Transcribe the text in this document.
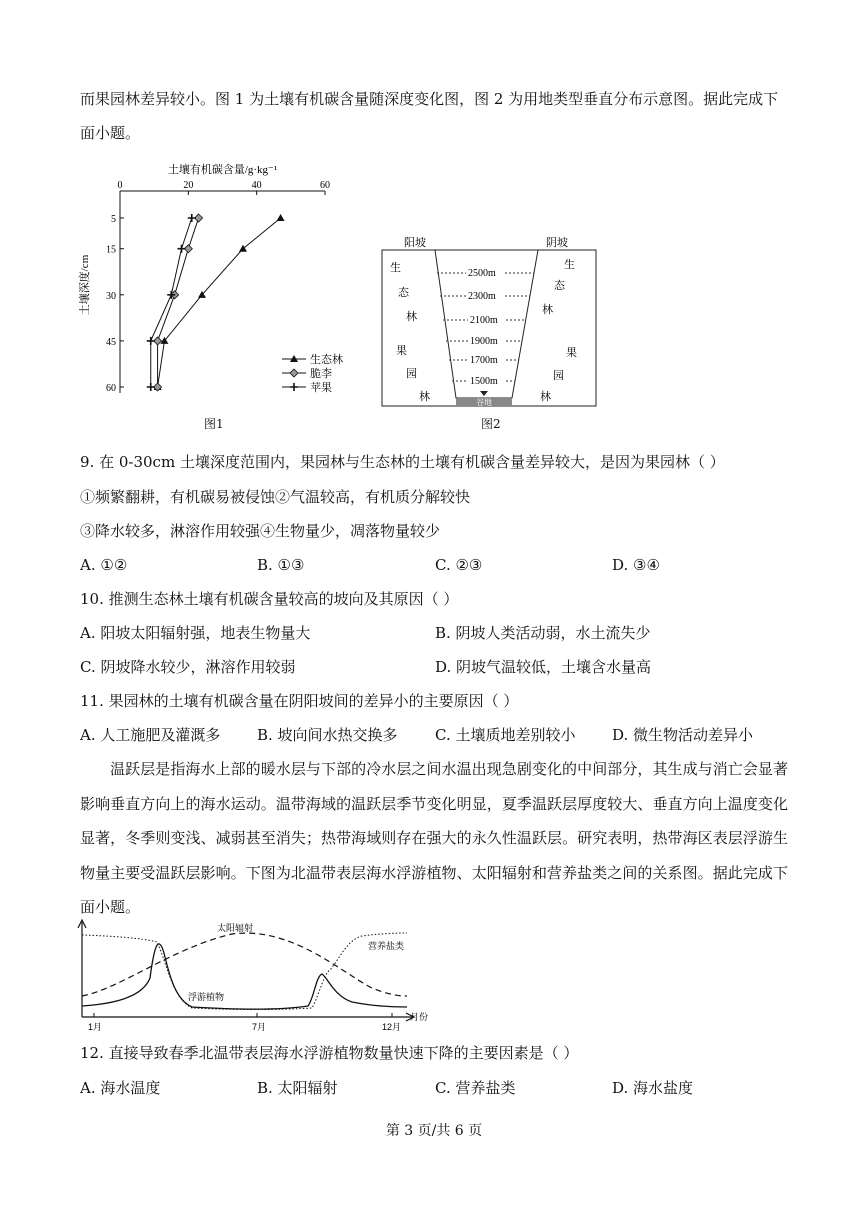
而果园林差异较小。图 1 为土壤有机碳含量随深度变化图，图 2 为用地类型垂直分布示意图。据此完成下
面小题。
土壤有机碳含量/g·kg⁻¹
0	20	40	60
5
15
30
45
60
土壤深度/cm
生态林
脆李
苹果
图1
谷地
阳坡	阴坡
生
态
林
果
园
林
生
态
林
果
园
林
2500m
2300m
2100m
1900m
1700m
1500m
图2
9. 在 0-30cm 土壤深度范围内，果园林与生态林的土壤有机碳含量差异较大，是因为果园林（ ）
①频繁翻耕，有机碳易被侵蚀②气温较高，有机质分解较快
③降水较多，淋溶作用较强④生物量少，凋落物量较少
A. ①②	B. ①③	C. ②③	D. ③④
10. 推测生态林土壤有机碳含量较高的坡向及其原因（ ）
A. 阳坡太阳辐射强，地表生物量大	B. 阴坡人类活动弱，水土流失少
C. 阴坡降水较少，淋溶作用较弱	D. 阴坡气温较低，土壤含水量高
11. 果园林的土壤有机碳含量在阴阳坡间的差异小的主要原因（ ）
A. 人工施肥及灌溉多 B. 坡向间水热交换多 C. 土壤质地差别较小 D. 微生物活动差异小
温跃层是指海水上部的暖水层与下部的冷水层之间水温出现急剧变化的中间部分，其生成与消亡会显著影响垂直方向上的海水运动。温带海域的温跃层季节变化明显，夏季温跃层厚度较大、垂直方向上温度变化显著，冬季则变浅、减弱甚至消失；热带海域则存在强大的永久性温跃层。研究表明，热带海区表层浮游生物量主要受温跃层影响。下图为北温带表层海水浮游植物、太阳辐射和营养盐类之间的关系图。据此完成下面小题。
1月	7月	12月
月份
太阳辐射
营养盐类
浮游植物
12. 直接导致春季北温带表层海水浮游植物数量快速下降的主要因素是（ ）
A. 海水温度	B. 太阳辐射	C. 营养盐类	D. 海水盐度
第 3 页/共 6 页
